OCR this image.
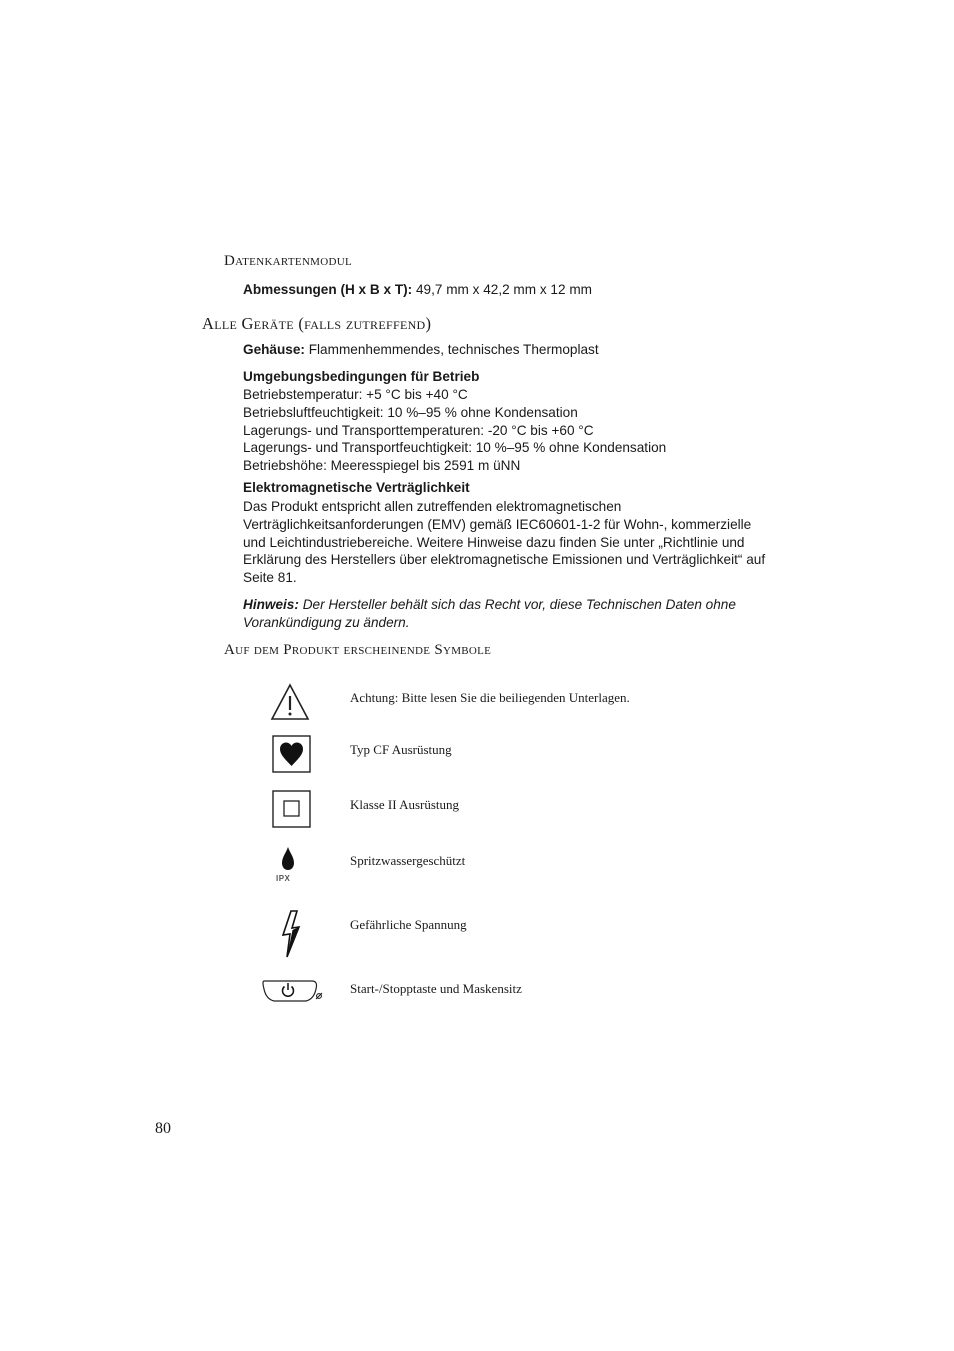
Datenkartenmodul
Abmessungen (H x B x T): 49,7 mm x 42,2 mm x 12 mm
Alle Geräte (falls zutreffend)
Gehäuse: Flammenhemmendes, technisches Thermoplast
Umgebungsbedingungen für Betrieb
Betriebstemperatur: +5 °C bis +40 °C
Betriebsluftfeuchtigkeit: 10 %–95 % ohne Kondensation
Lagerungs- und Transporttemperaturen: -20 °C bis +60 °C
Lagerungs- und Transportfeuchtigkeit: 10 %–95 % ohne Kondensation
Betriebshöhe: Meeresspiegel bis 2591 m üNN
Elektromagnetische Verträglichkeit
Das Produkt entspricht allen zutreffenden elektromagnetischen
Verträglichkeitsanforderungen (EMV) gemäß IEC60601-1-2 für Wohn-, kommerzielle
und Leichtindustriebereiche. Weitere Hinweise dazu finden Sie unter „Richtlinie und
Erklärung des Herstellers über elektromagnetische Emissionen und Verträglichkeit“ auf
Seite 81.
Hinweis: Der Hersteller behält sich das Recht vor, diese Technischen Daten ohne
Vorankündigung zu ändern.
Auf dem Produkt erscheinende Symbole
Achtung: Bitte lesen Sie die beiliegenden Unterlagen.
Typ CF Ausrüstung
Klasse II Ausrüstung
IPX
Spritzwassergeschützt
Gefährliche Spannung
Start-/Stopptaste und Maskensitz
80
